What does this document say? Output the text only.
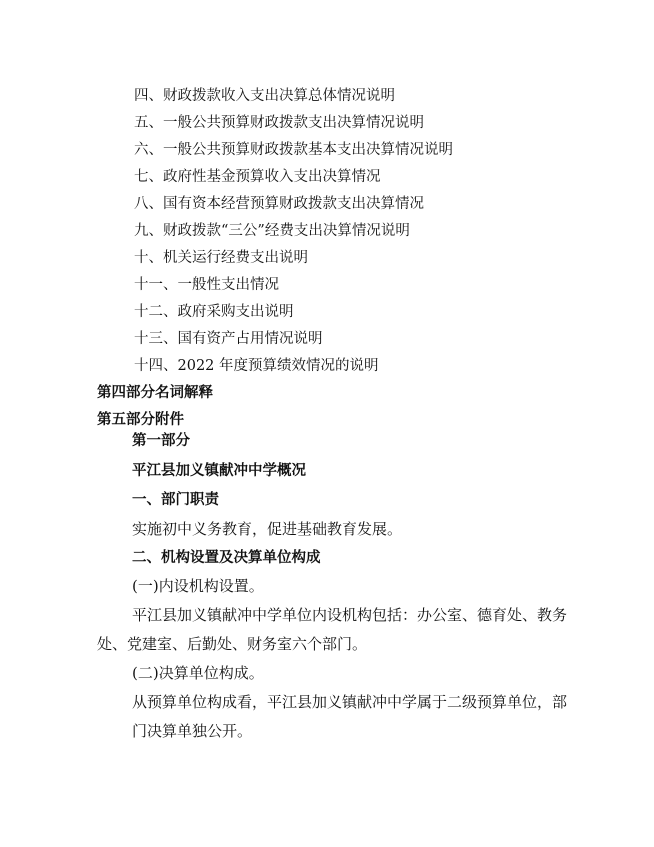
四、财政拨款收入支出决算总体情况说明
五、一般公共预算财政拨款支出决算情况说明
六、一般公共预算财政拨款基本支出决算情况说明
七、政府性基金预算收入支出决算情况
八、国有资本经营预算财政拨款支出决算情况
九、财政拨款“三公”经费支出决算情况说明
十、机关运行经费支出说明
十一、一般性支出情况
十二、政府采购支出说明
十三、国有资产占用情况说明
十四、2022 年度预算绩效情况的说明
第四部分名词解释
第五部分附件
第一部分
平江县加义镇献冲中学概况
一、部门职责
实施初中义务教育，促进基础教育发展。
二、机构设置及决算单位构成
(一)内设机构设置。
平江县加义镇献冲中学单位内设机构包括：办公室、德育处、教务
处、党建室、后勤处、财务室六个部门。
(二)决算单位构成。
从预算单位构成看，平江县加义镇献冲中学属于二级预算单位，部
门决算单独公开。
